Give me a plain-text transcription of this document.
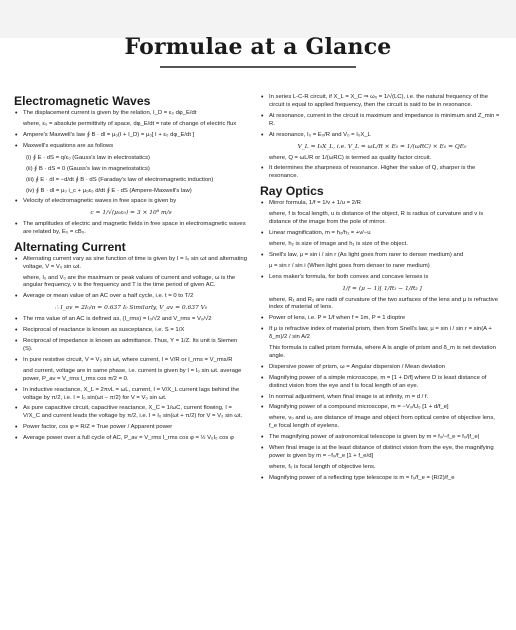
Formulae at a Glance
Electromagnetic Waves
• The displacement current is given by the relation, I_D = ε₀ dφ_E/dt
where, ε₀ = absolute permittivity of space, dφ_E/dt = rate of change of electric flux
• Ampere's Maxwell's law ∮ B · dl = μ₀(I + I_D) = μ₀[ I + ε₀ dφ_E/dt ]
• Maxwell's equations are as follows
(i) ∮ E · dS = q/ε₀ (Gauss's law in electrostatics)
(ii) ∮ B · dS = 0 (Gauss's law in magnetostatics)
(iii) ∮ E · dl = −d/dt ∮ B · dS (Faraday's law of electromagnetic induction)
(iv) ∮ B · dl = μ₀ i_c + μ₀ε₀ d/dt ∮ E · dS (Ampere-Maxwell's law)
• Velocity of electromagnetic waves in free space is given by
c = 1/√(μ₀ε₀) = 3 × 10⁸ m/s
• The amplitudes of electric and magnetic fields in free space in electromagnetic waves are related by, E₀ = cB₀.
Alternating Current
• Alternating current vary as sine function of time is given by I = I₀ sin ωt and alternating voltage, V = V₀ sin ωt.
where, I₀ and V₀ are the maximum or peak values of current and voltage, ω is the angular frequency, ν is the frequency and T is the time period of given AC.
• Average or mean value of an AC over a half cycle, i.e. t = 0 to T/2
∴ I_av = 2I₀/π = 0.637 I₀ Similarly, V_av = 0.637 V₀
• The rms value of an AC is defined as, (I_rms) = I₀/√2 and V_rms = V₀/√2
• Reciprocal of reactance is known as susceptance, i.e. S = 1/X
• Reciprocal of impedance is known as admittance. Thus, Y = 1/Z. Its unit is Siemen (S).
• In pure resistive circuit, V = V₀ sin ωt, where current, I = V/R or I_rms = V_rms/R
and current, voltage are in same phase, i.e. current is given by I = I₀ sin ωt. average power, P_av = V_rms I_rms cos π/2 = 0.
• In inductive reactance, X_L = 2πνL = ωL, current, I = V/X_L current lags behind the voltage by π/2, i.e. I = I₀ sin(ωt − π/2) for V = V₀ sin ωt.
• As pure capacitive circuit, capacitive reactance, X_C = 1/ωC, current flowing, I = V/X_C and current leads the voltage by π/2, i.e. I = I₀ sin(ωt + π/2) for V = V₀ sin ωt.
• Power factor, cos φ = R/Z = True power / Apparent power
• Average power over a full cycle of AC, P_av = V_rms I_rms cos φ = ½ V₀I₀ cos φ
• In series L-C-R circuit, if X_L = X_C ⇒ ω₀ = 1/√(LC), i.e. the natural frequency of the circuit is equal to applied frequency, then the circuit is said to be in resonance.
• At resonance, current in the circuit is maximum and impedance is minimum and Z_min = R.
• At resonance, I₀ = E₀/R and V₀ = I₀X_L
V_L = I₀X_L, i.e. V_L = ωL/R × E₀ = 1/(ωRC) × E₀ = QE₀
where, Q = ωL/R or 1/(ωRC) is termed as quality factor circuit.
• It determines the sharpness of resonance. Higher the value of Q, sharper is the resonance.
Ray Optics
• Mirror formula, 1/f = 1/v + 1/u = 2/R
where, f is focal length, u is distance of the object, R is radius of curvature and v is distance of the image from the pole of mirror.
• Linear magnification, m = h₂/h₁ = +v/−u
where, h₂ is size of image and h₁ is size of the object.
• Snell's law, μ = sin i / sin r (As light goes from rarer to denser medium) and
μ = sin r / sin i (When light goes from denser to rarer medium)
• Lens maker's formula, for both convex and concave lenses is
1/f = (μ − 1)[ 1/R₁ − 1/R₂ ]
where, R₁ and R₂ are radii of curvature of the two surfaces of the lens and μ is refractive index of material of lens.
• Power of lens, i.e. P = 1/f when f = 1m, P = 1 dioptre
• If μ is refractive index of material prism, then from Snell's law, μ = sin i / sin r = sin(A + δ_m)/2 / sin A/2
This formula is called prism formula, where A is angle of prism and δ_m is net deviation angle.
• Dispersive power of prism, ω = Angular dispersion / Mean deviation
• Magnifying power of a simple microscope, m = [1 + D/f] where D is least distance of distinct vision from the eye and f is focal length of an eye.
• In normal adjustment, when final image is at infinity, m = d / f.
• Magnifying power of a compound microscope, m = −V₀/U₀ [1 + d/f_e]
where, v₀ and u₀ are distance of image and object from optical centre of objective lens, f_e focal length of eyelens.
• The magnifying power of astronomical telescope is given by m = f₀/−f_e = f₀/|f_e|
• When final image is at the least distance of distinct vision from the eye, the magnifying power is given by m = −f₀/f_e [1 + f_e/d]
where, f₀ is focal length of objective lens.
• Magnifying power of a reflecting type telescope is m = f₀/f_e = (R/2)/f_e
